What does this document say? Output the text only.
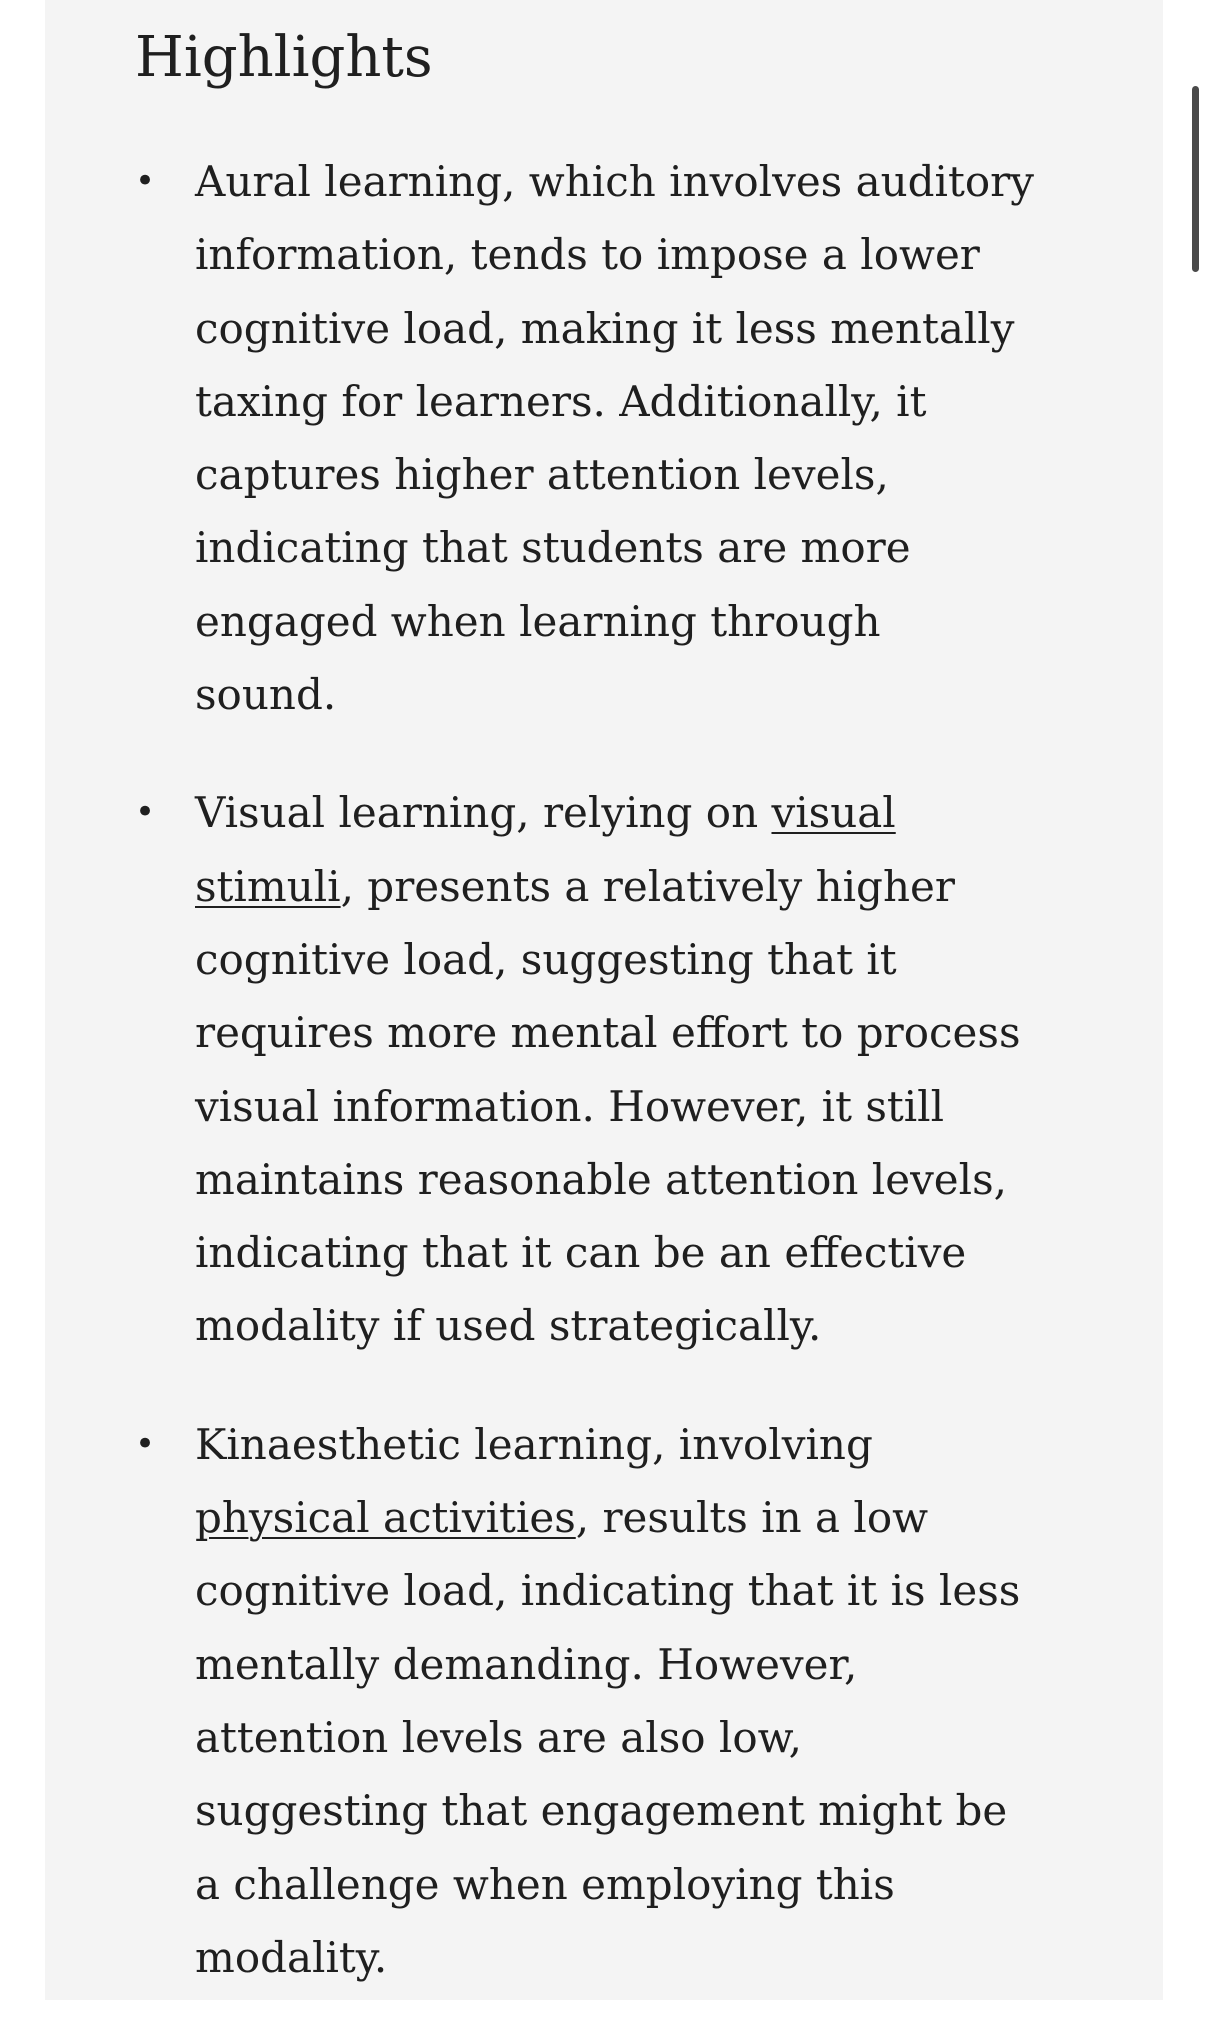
Highlights
• Aural learning, which involves auditory information, tends to impose a lower cognitive load, making it less mentally taxing for learners. Additionally, it captures higher attention levels, indicating that students are more engaged when learning through sound.
• Visual learning, relying on visual stimuli, presents a relatively higher cognitive load, suggesting that it requires more mental effort to process visual information. However, it still maintains reasonable attention levels, indicating that it can be an effective modality if used strategically.
• Kinaesthetic learning, involving physical activities, results in a low cognitive load, indicating that it is less mentally demanding. However, attention levels are also low, suggesting that engagement might be a challenge when employing this modality.
